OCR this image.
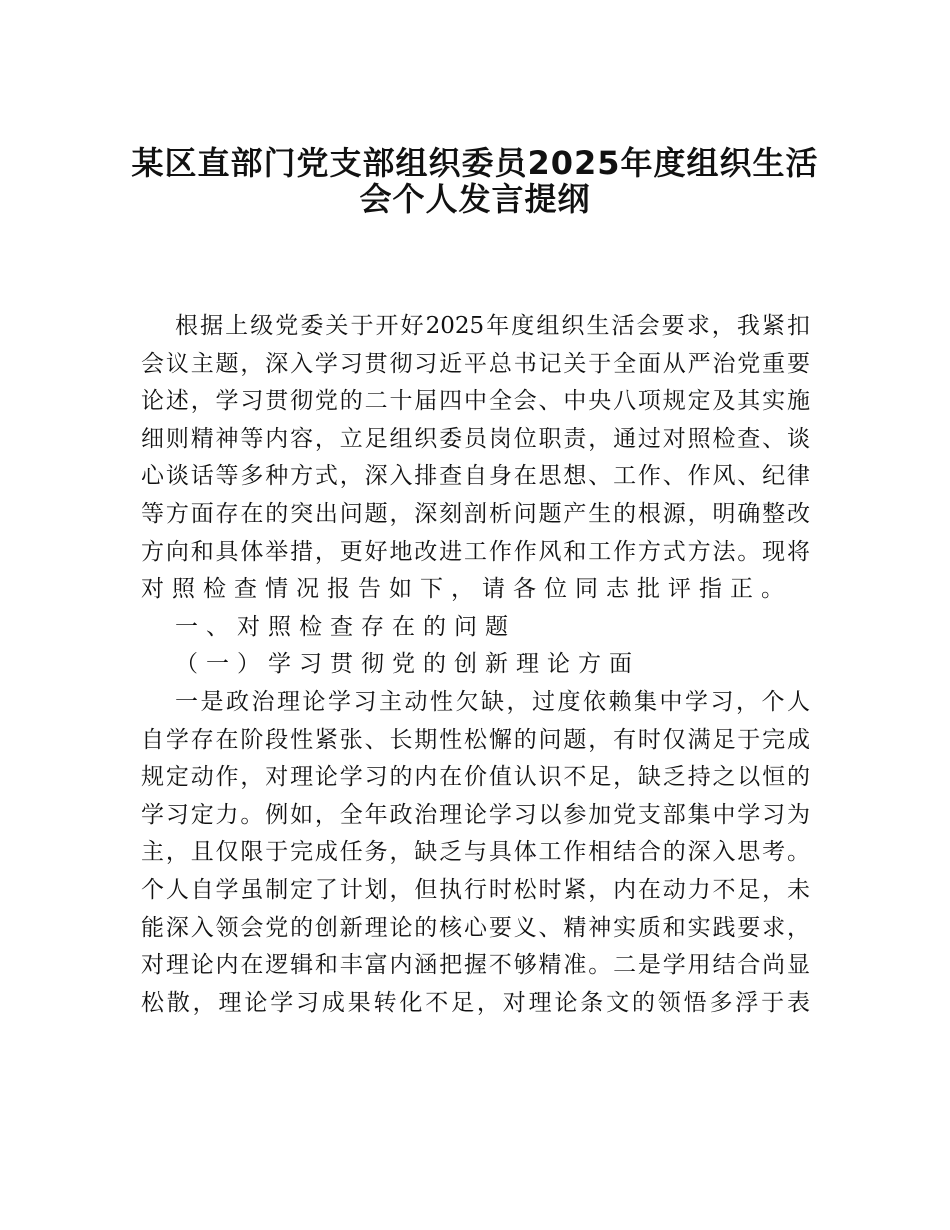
某区直部门党支部组织委员2025年度组织生活
会个人发言提纲
根据上级党委关于开好2025年度组织生活会要求，我紧扣
会议主题，深入学习贯彻习近平总书记关于全面从严治党重要
论述，学习贯彻党的二十届四中全会、中央八项规定及其实施
细则精神等内容，立足组织委员岗位职责，通过对照检查、谈
心谈话等多种方式，深入排查自身在思想、工作、作风、纪律
等方面存在的突出问题，深刻剖析问题产生的根源，明确整改
方向和具体举措，更好地改进工作作风和工作方式方法。现将
对照检查情况报告如下，请各位同志批评指正。
一、对照检查存在的问题
（一）学习贯彻党的创新理论方面
一是政治理论学习主动性欠缺，过度依赖集中学习，个人
自学存在阶段性紧张、长期性松懈的问题，有时仅满足于完成
规定动作，对理论学习的内在价值认识不足，缺乏持之以恒的
学习定力。例如，全年政治理论学习以参加党支部集中学习为
主，且仅限于完成任务，缺乏与具体工作相结合的深入思考。
个人自学虽制定了计划，但执行时松时紧，内在动力不足，未
能深入领会党的创新理论的核心要义、精神实质和实践要求，
对理论内在逻辑和丰富内涵把握不够精准。二是学用结合尚显
松散，理论学习成果转化不足，对理论条文的领悟多浮于表
